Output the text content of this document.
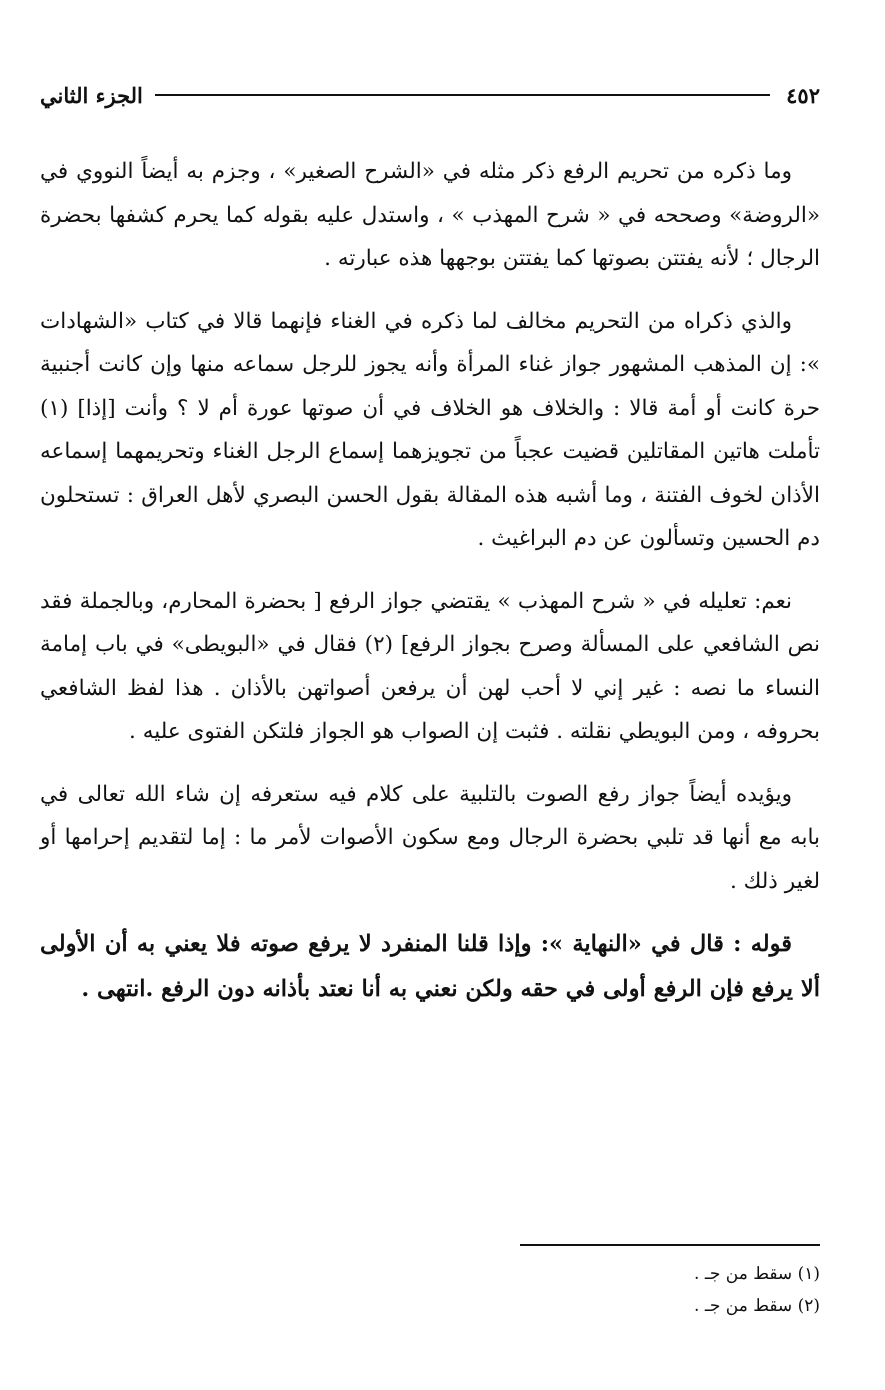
٤٥٢
الجزء الثاني

وما ذكره من تحريم الرفع ذكر مثله في «الشرح الصغير» ، وجزم به أيضاً النووي في «الروضة» وصححه في « شرح المهذب » ، واستدل عليه بقوله كما يحرم كشفها بحضرة الرجال ؛ لأنه يفتتن بصوتها كما يفتتن بوجهها هذه عبارته .

والذي ذكراه من التحريم مخالف لما ذكره في الغناء فإنهما قالا في كتاب «الشهادات »: إن المذهب المشهور جواز غناء المرأة وأنه يجوز للرجل سماعه منها وإن كانت أجنبية حرة كانت أو أمة قالا : والخلاف هو الخلاف في أن صوتها عورة أم لا ؟ وأنت [إذا] (١) تأملت هاتين المقاتلين قضيت عجباً من تجويزهما إسماع الرجل الغناء وتحريمهما إسماعه الأذان لخوف الفتنة ، وما أشبه هذه المقالة بقول الحسن البصري لأهل العراق : تستحلون دم الحسين وتسألون عن دم البراغيث .

نعم: تعليله في « شرح المهذب » يقتضي جواز الرفع [ بحضرة المحارم، وبالجملة فقد نص الشافعي على المسألة وصرح بجواز الرفع] (٢) فقال في «البويطى» في باب إمامة النساء ما نصه : غير إني لا أحب لهن أن يرفعن أصواتهن بالأذان . هذا لفظ الشافعي بحروفه ، ومن البويطي نقلته . فثبت إن الصواب هو الجواز فلتكن الفتوى عليه .

ويؤيده أيضاً جواز رفع الصوت بالتلبية على كلام فيه ستعرفه إن شاء الله تعالى في بابه مع أنها قد تلبي بحضرة الرجال ومع سكون الأصوات لأمر ما : إما لتقديم إحرامها أو لغير ذلك .

قوله : قال في «النهاية »: وإذا قلنا المنفرد لا يرفع صوته فلا يعني به أن الأولى ألا يرفع فإن الرفع أولى في حقه ولكن نعني به أنا نعتد بأذانه دون الرفع .انتهى .

(١) سقط من جـ .
(٢) سقط من جـ .
